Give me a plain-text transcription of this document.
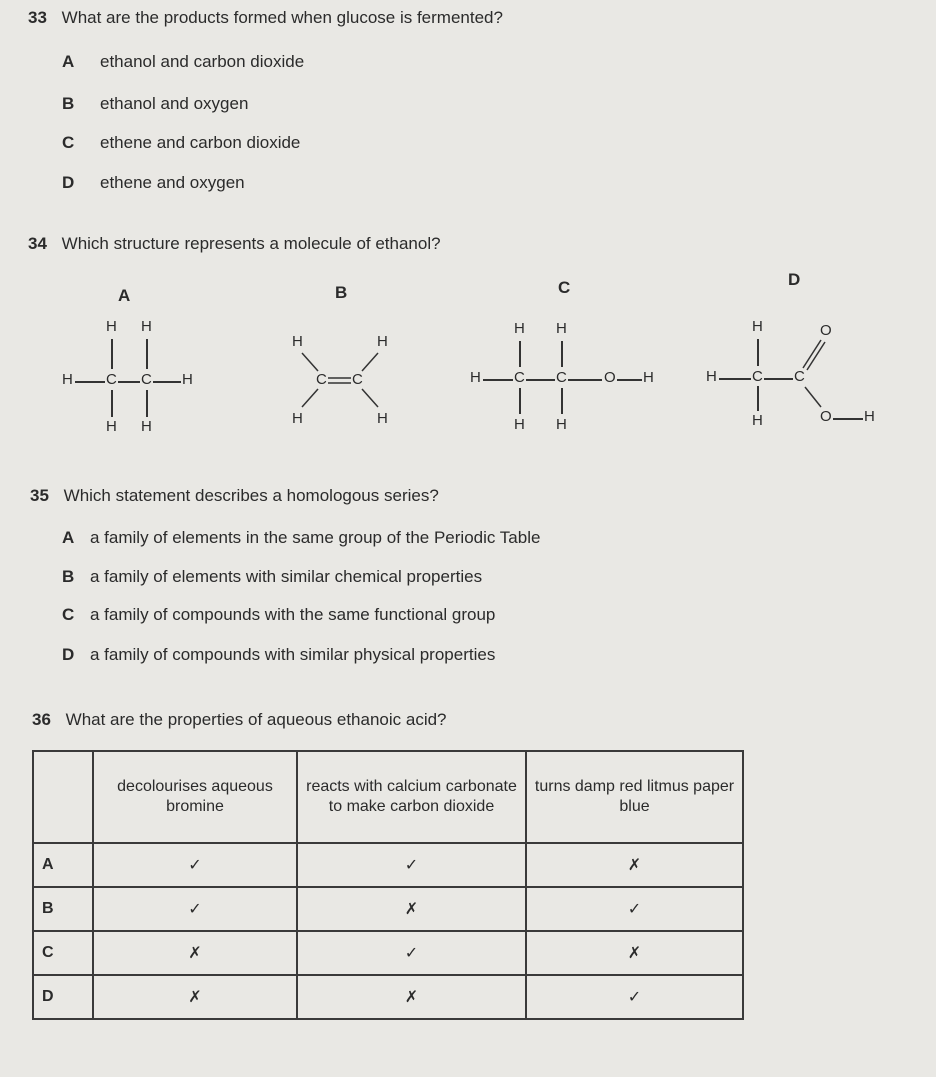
33 What are the products formed when glucose is fermented?
A ethanol and carbon dioxide
B ethanol and oxygen
C ethene and carbon dioxide
D ethene and oxygen
34 Which structure represents a molecule of ethanol?
A	B	C	D
H H
H C C H
H H
H	H
C C
H	H
H H
H C C O H
H H
H	O
H C C
H	O H
35 Which statement describes a homologous series?
A a family of elements in the same group of the Periodic Table
B a family of elements with similar chemical properties
C a family of compounds with the same functional group
D a family of compounds with similar physical properties
36 What are the properties of aqueous ethanoic acid?
	decolourises aqueous bromine	reacts with calcium carbonate to make carbon dioxide	turns damp red litmus paper blue
A	✓	✓	✗
B	✓	✗	✓
C	✗	✓	✗
D	✗	✗	✓
